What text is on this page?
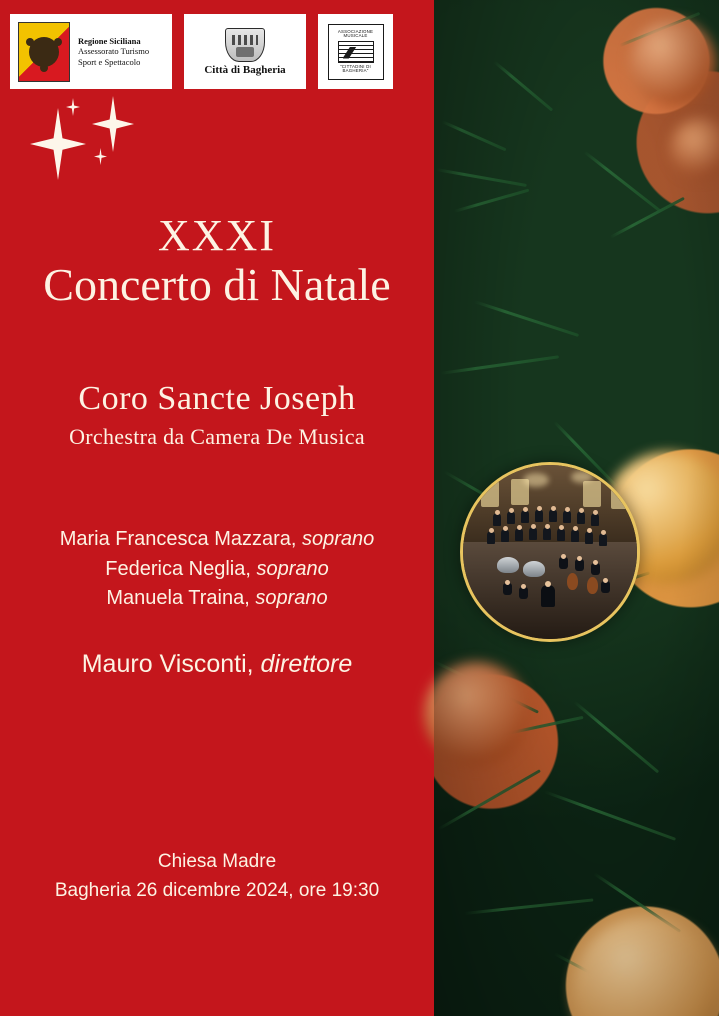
Regione Siciliana
Assessorato Turismo
Sport e Spettacolo
Città di Bagheria
ASSOCIAZIONE MUSICALE
"CITTADINI DI BAGHERIA"
XXXI
Concerto di Natale
Coro Sancte Joseph
Orchestra da Camera De Musica
Maria Francesca Mazzara, soprano
Federica Neglia, soprano
Manuela Traina, soprano
Mauro Visconti, direttore
Chiesa Madre
Bagheria 26 dicembre 2024, ore 19:30
